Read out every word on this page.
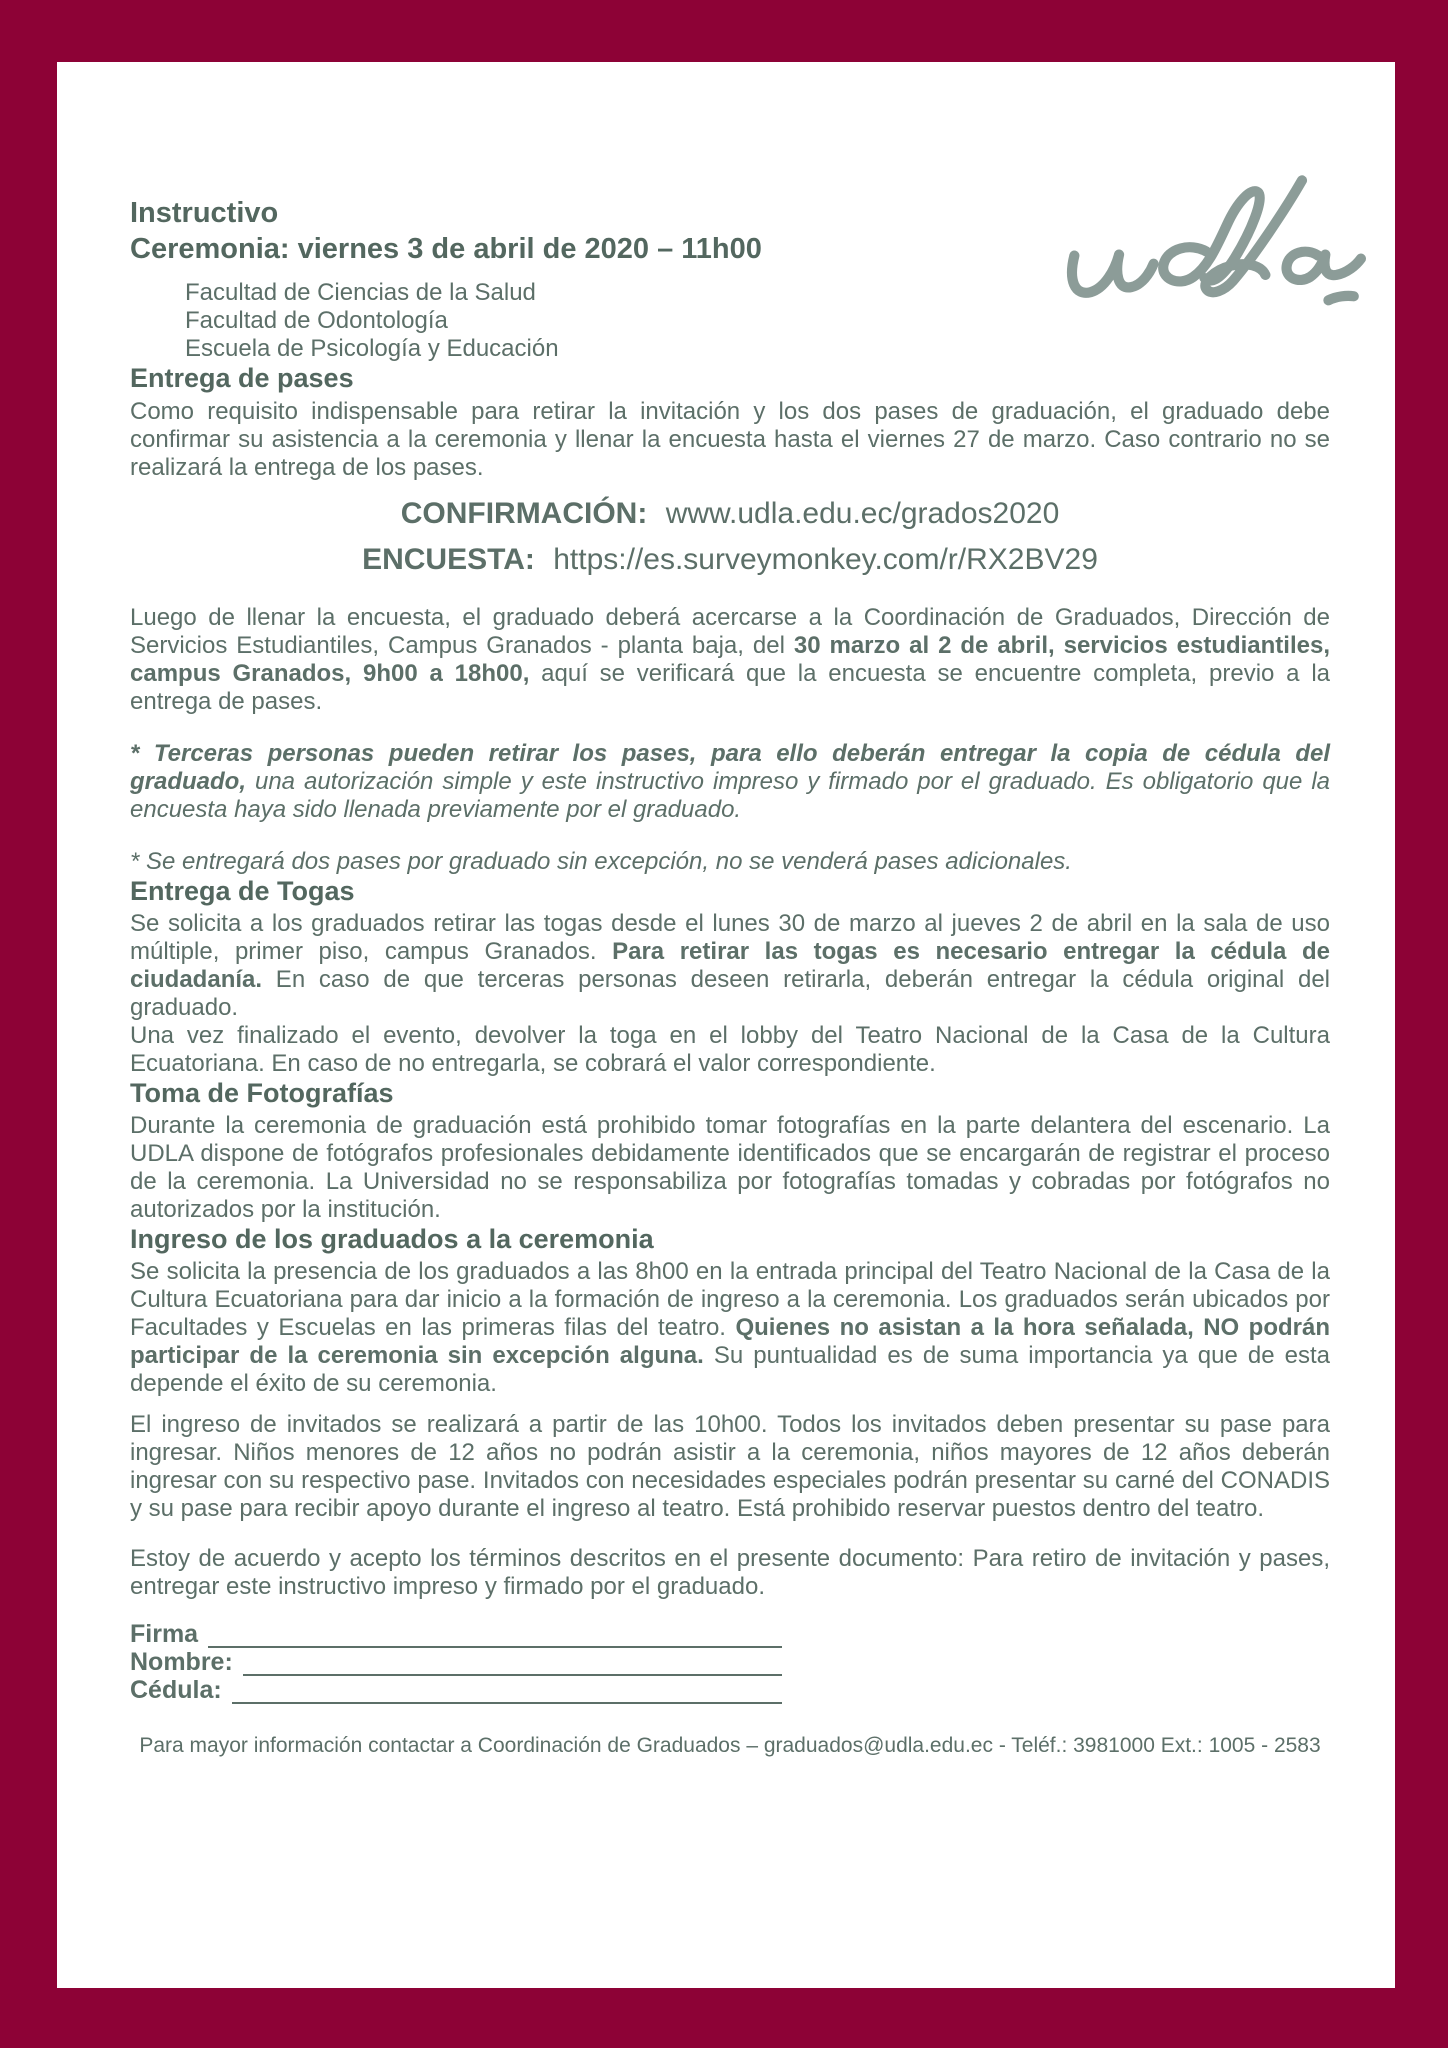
Instructivo
Ceremonia: viernes 3 de abril de 2020 – 11h00
Facultad de Ciencias de la Salud
Facultad de Odontología
Escuela de Psicología y Educación
Entrega de pases

Como requisito indispensable para retirar la invitación y los dos pases de graduación, el graduado debe confirmar su asistencia a la ceremonia y llenar la encuesta hasta el viernes 27 de marzo. Caso contrario no se realizará la entrega de los pases.

CONFIRMACIÓN: www.udla.edu.ec/grados2020
ENCUESTA: https://es.surveymonkey.com/r/RX2BV29

Luego de llenar la encuesta, el graduado deberá acercarse a la Coordinación de Graduados, Dirección de Servicios Estudiantiles, Campus Granados - planta baja, del 30 marzo al 2 de abril, servicios estudiantiles, campus Granados, 9h00 a 18h00, aquí se verificará que la encuesta se encuentre completa, previo a la entrega de pases.

* Terceras personas pueden retirar los pases, para ello deberán entregar la copia de cédula del graduado, una autorización simple y este instructivo impreso y firmado por el graduado. Es obligatorio que la encuesta haya sido llenada previamente por el graduado.

* Se entregará dos pases por graduado sin excepción, no se venderá pases adicionales.

Entrega de Togas

Se solicita a los graduados retirar las togas desde el lunes 30 de marzo al jueves 2 de abril en la sala de uso múltiple, primer piso, campus Granados. Para retirar las togas es necesario entregar la cédula de ciudadanía. En caso de que terceras personas deseen retirarla, deberán entregar la cédula original del graduado.
Una vez finalizado el evento, devolver la toga en el lobby del Teatro Nacional de la Casa de la Cultura Ecuatoriana. En caso de no entregarla, se cobrará el valor correspondiente.

Toma de Fotografías

Durante la ceremonia de graduación está prohibido tomar fotografías en la parte delantera del escenario. La UDLA dispone de fotógrafos profesionales debidamente identificados que se encargarán de registrar el proceso de la ceremonia. La Universidad no se responsabiliza por fotografías tomadas y cobradas por fotógrafos no autorizados por la institución.

Ingreso de los graduados a la ceremonia

Se solicita la presencia de los graduados a las 8h00 en la entrada principal del Teatro Nacional de la Casa de la Cultura Ecuatoriana para dar inicio a la formación de ingreso a la ceremonia. Los graduados serán ubicados por Facultades y Escuelas en las primeras filas del teatro. Quienes no asistan a la hora señalada, NO podrán participar de la ceremonia sin excepción alguna. Su puntualidad es de suma importancia ya que de esta depende el éxito de su ceremonia.

El ingreso de invitados se realizará a partir de las 10h00. Todos los invitados deben presentar su pase para ingresar. Niños menores de 12 años no podrán asistir a la ceremonia, niños mayores de 12 años deberán ingresar con su respectivo pase. Invitados con necesidades especiales podrán presentar su carné del CONADIS y su pase para recibir apoyo durante el ingreso al teatro. Está prohibido reservar puestos dentro del teatro.

Estoy de acuerdo y acepto los términos descritos en el presente documento: Para retiro de invitación y pases, entregar este instructivo impreso y firmado por el graduado.

Firma
Nombre:
Cédula:

Para mayor información contactar a Coordinación de Graduados – graduados@udla.edu.ec - Teléf.: 3981000 Ext.: 1005 - 2583
